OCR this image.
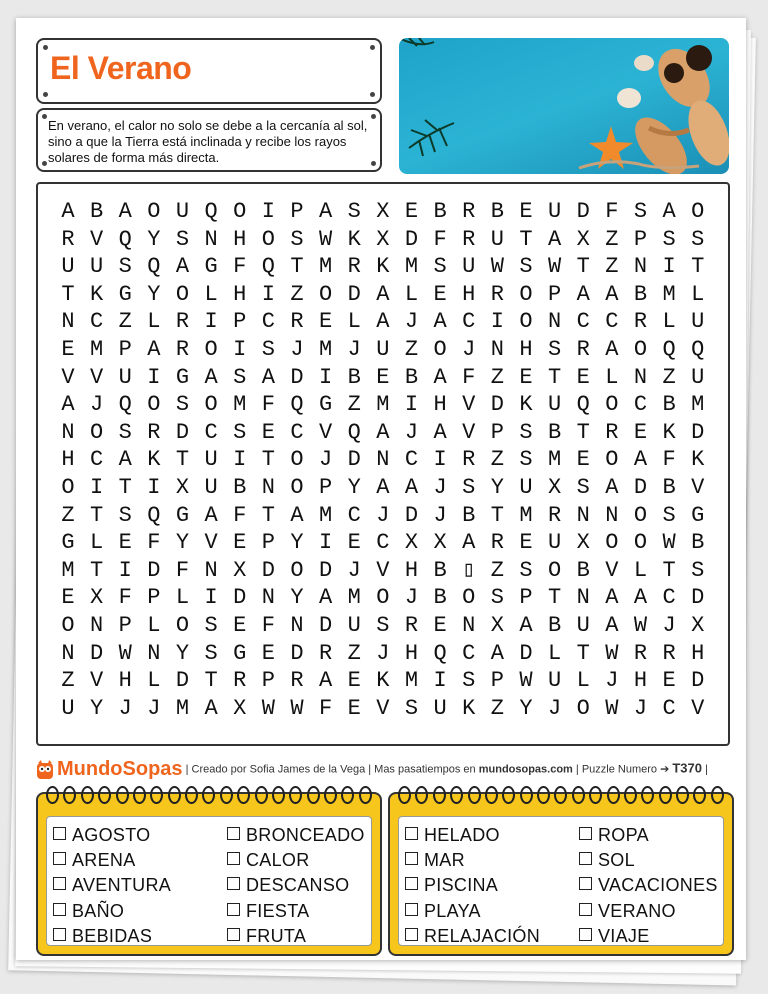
El Verano

En verano, el calor no solo se debe a la cercanía al sol, sino a que la Tierra está inclinada y recibe los rayos solares de forma más directa.

A B A O U Q O I P A S X E B R B E U D F S A O
R V Q Y S N H O S W K X D F R U T A X Z P S S
U U S Q A G F Q T M R K M S U W S W T Z N I T
T K G Y O L H I Z O D A L E H R O P A A B M L
N C Z L R I P C R E L A J A C I O N C C R L U
E M P A R O I S J M J U Z O J N H S R A O Q Q
V V U I G A S A D I B E B A F Z E T E L N Z U
A J Q O S O M F Q G Z M I H V D K U Q O C B M
N O S R D C S E C V Q A J A V P S B T R E K D
H C A K T U I T O J D N C I R Z S M E O A F K
O I T I X U B N O P Y A A J S Y U X S A D B V
Z T S Q G A F T A M C J D J B T M R N N O S G
G L E F Y V E P Y I E C X X A R E U X O O W B
M T I D F N X D O D J V H B ▯ Z S O B V L T S
E X F P L I D N Y A M O J B O S P T N A A C D
O N P L O S E F N D U S R E N X A B U A W J X
N D W N Y S G E D R Z J H Q C A D L T W R R H
Z V H L D T R P R A E K M I S P W U L J H E D
U Y J J M A X W W F E V S U K Z Y J O W J C V
MundoSopas | Creado por Sofia James de la Vega | Mas pasatiempos en mundosopas.com | Puzzle Numero ➔ T370 |
AGOSTO
ARENA
AVENTURA
BAÑO
BEBIDAS
BRONCEADO
CALOR
DESCANSO
FIESTA
FRUTA
HELADO
MAR
PISCINA
PLAYA
RELAJACIÓN
ROPA
SOL
VACACIONES
VERANO
VIAJE
